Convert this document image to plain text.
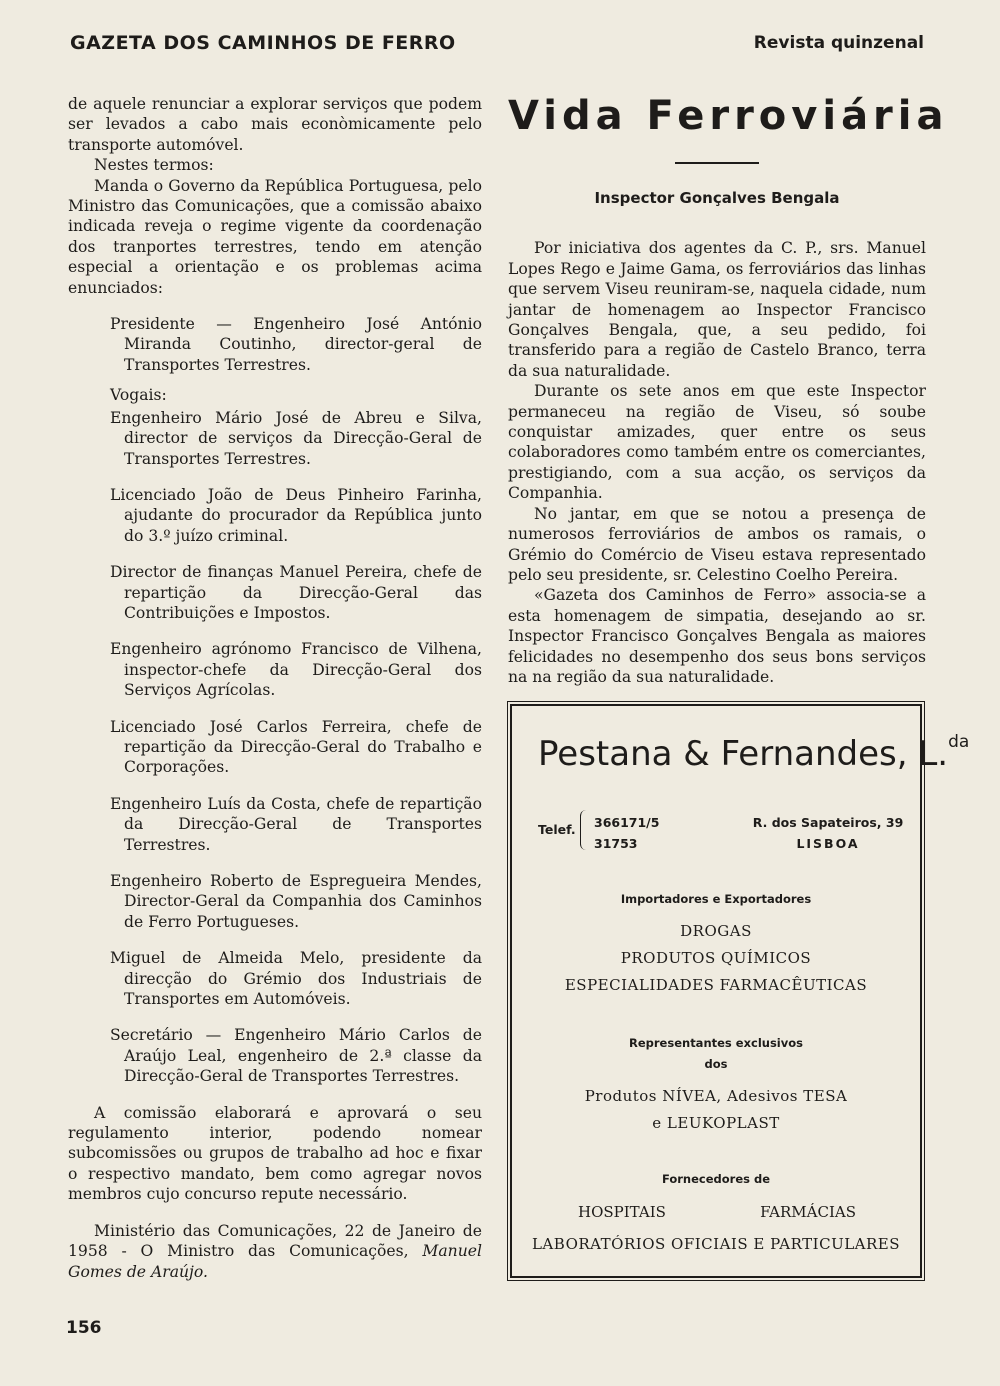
GAZETA DOS CAMINHOS DE FERRO	Revista quinzenal

de aquele renunciar a explorar serviços que podem ser levados a cabo mais econòmicamente pelo transporte automóvel.

Nestes termos:

Manda o Governo da República Portuguesa, pelo Ministro das Comunicações, que a comissão abaixo indicada reveja o regime vigente da coordenação dos tranportes terrestres, tendo em atenção especial a orientação e os problemas acima enunciados:

Presidente — Engenheiro José António Miranda Coutinho, director-geral de Transportes Terrestres.

Vogais:

Engenheiro Mário José de Abreu e Silva, director de serviços da Direcção-Geral de Transportes Terrestres.

Licenciado João de Deus Pinheiro Farinha, ajudante do procurador da República junto do 3.º juízo criminal.

Director de finanças Manuel Pereira, chefe de repartição da Direcção-Geral das Contribuições e Impostos.

Engenheiro agrónomo Francisco de Vilhena, inspector-chefe da Direcção-Geral dos Serviços Agrícolas.

Licenciado José Carlos Ferreira, chefe de repartição da Direcção-Geral do Trabalho e Corporações.

Engenheiro Luís da Costa, chefe de repartição da Direcção-Geral de Transportes Terrestres.

Engenheiro Roberto de Espregueira Mendes, Director-Geral da Companhia dos Caminhos de Ferro Portugueses.

Miguel de Almeida Melo, presidente da direcção do Grémio dos Industriais de Transportes em Automóveis.

Secretário — Engenheiro Mário Carlos de Araújo Leal, engenheiro de 2.ª classe da Direcção-Geral de Transportes Terrestres.

A comissão elaborará e aprovará o seu regulamento interior, podendo nomear subcomissões ou grupos de trabalho ad hoc e fixar o respectivo mandato, bem como agregar novos membros cujo concurso repute necessário.

Ministério das Comunicações, 22 de Janeiro de 1958 - O Ministro das Comunicações, Manuel Gomes de Araújo.

Vida Ferroviária

Inspector Gonçalves Bengala

Por iniciativa dos agentes da C. P., srs. Manuel Lopes Rego e Jaime Gama, os ferroviários das linhas que servem Viseu reuniram-se, naquela cidade, num jantar de homenagem ao Inspector Francisco Gonçalves Bengala, que, a seu pedido, foi transferido para a região de Castelo Branco, terra da sua naturalidade.

Durante os sete anos em que este Inspector permaneceu na região de Viseu, só soube conquistar amizades, quer entre os seus colaboradores como também entre os comerciantes, prestigiando, com a sua acção, os serviços da Companhia.

No jantar, em que se notou a presença de numerosos ferroviários de ambos os ramais, o Grémio do Comércio de Viseu estava representado pelo seu presidente, sr. Celestino Coelho Pereira.

«Gazeta dos Caminhos de Ferro» associa-se a esta homenagem de simpatia, desejando ao sr. Inspector Francisco Gonçalves Bengala as maiores felicidades no desempenho dos seus bons serviços na na região da sua naturalidade.

Pestana & Fernandes, L.$^{da}$
Telef. 366171/5
31753
R. dos Sapateiros, 39
LISBOA
Importadores e Exportadores
DROGAS
PRODUTOS QUÍMICOS
ESPECIALIDADES FARMACÊUTICAS
Representantes exclusivos
dos
Produtos NÍVEA, Adesivos TESA
e LEUKOPLAST
Fornecedores de
HOSPITAIS	FARMÁCIAS
LABORATÓRIOS OFICIAIS E PARTICULARES
156
